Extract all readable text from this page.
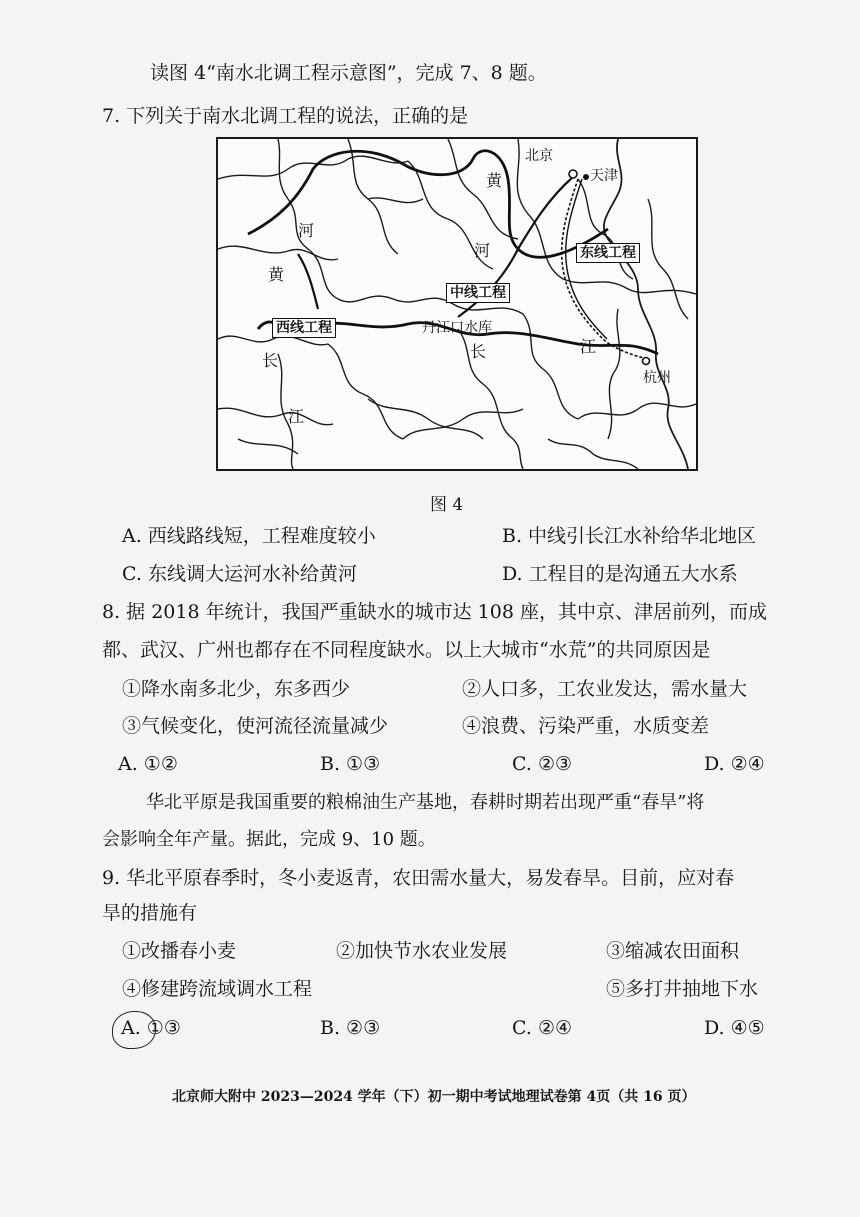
读图 4“南水北调工程示意图”，完成 7、8 题。
7. 下列关于南水北调工程的说法，正确的是
北京
天津
杭州
丹江口水库
东线工程
中线工程
西线工程
黄
河
黄
河
长	江
长
江
图 4
A. 西线路线短，工程难度较小	B. 中线引长江水补给华北地区
C. 东线调大运河水补给黄河	D. 工程目的是沟通五大水系
8. 据 2018 年统计，我国严重缺水的城市达 108 座，其中京、津居前列，而成
都、武汉、广州也都存在不同程度缺水。以上大城市“水荒”的共同原因是
①降水南多北少，东多西少	②人口多，工农业发达，需水量大
③气候变化，使河流径流量减少	④浪费、污染严重，水质变差
A. ①②	B. ①③	C. ②③	D. ②④
华北平原是我国重要的粮棉油生产基地，春耕时期若出现严重“春旱”将
会影响全年产量。据此，完成 9、10 题。
9. 华北平原春季时，冬小麦返青，农田需水量大，易发春旱。目前，应对春
旱的措施有
①改播春小麦	②加快节水农业发展	③缩减农田面积
④修建跨流域调水工程	⑤多打井抽地下水
A. ①③	B. ②③	C. ②④	D. ④⑤
北京师大附中 2023—2024 学年（下）初一期中考试地理试卷第 4页（共 16 页）
